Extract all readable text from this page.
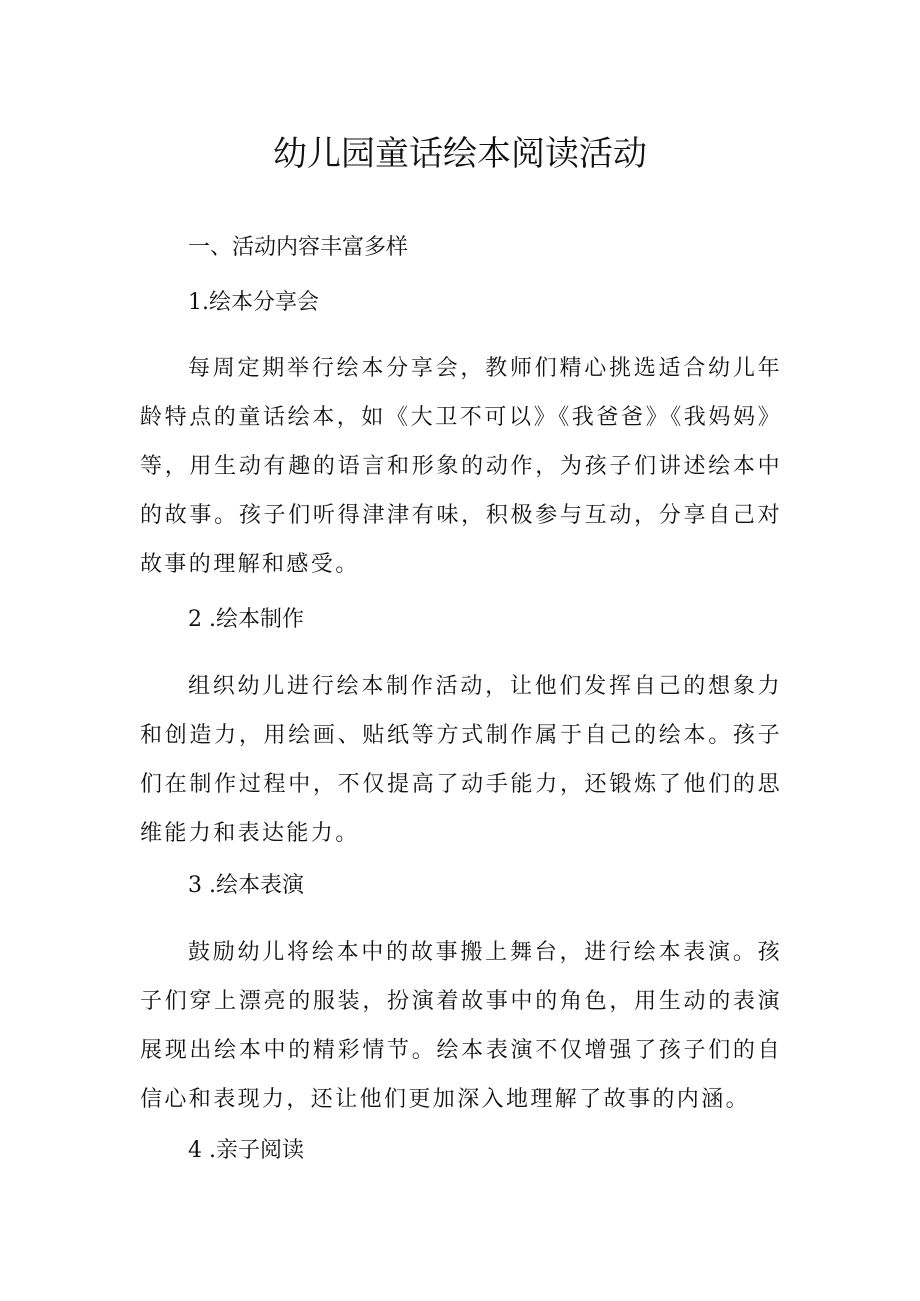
幼儿园童话绘本阅读活动
一、活动内容丰富多样
1.绘本分享会

每周定期举行绘本分享会，教师们精心挑选适合幼儿年龄特点的童话绘本，如《大卫不可以》《我爸爸》《我妈妈》等，用生动有趣的语言和形象的动作，为孩子们讲述绘本中的故事。孩子们听得津津有味，积极参与互动，分享自己对故事的理解和感受。

2 .绘本制作

组织幼儿进行绘本制作活动，让他们发挥自己的想象力和创造力，用绘画、贴纸等方式制作属于自己的绘本。孩子们在制作过程中，不仅提高了动手能力，还锻炼了他们的思维能力和表达能力。

3 .绘本表演

鼓励幼儿将绘本中的故事搬上舞台，进行绘本表演。孩子们穿上漂亮的服装，扮演着故事中的角色，用生动的表演展现出绘本中的精彩情节。绘本表演不仅增强了孩子们的自信心和表现力，还让他们更加深入地理解了故事的内涵。

4 .亲子阅读
